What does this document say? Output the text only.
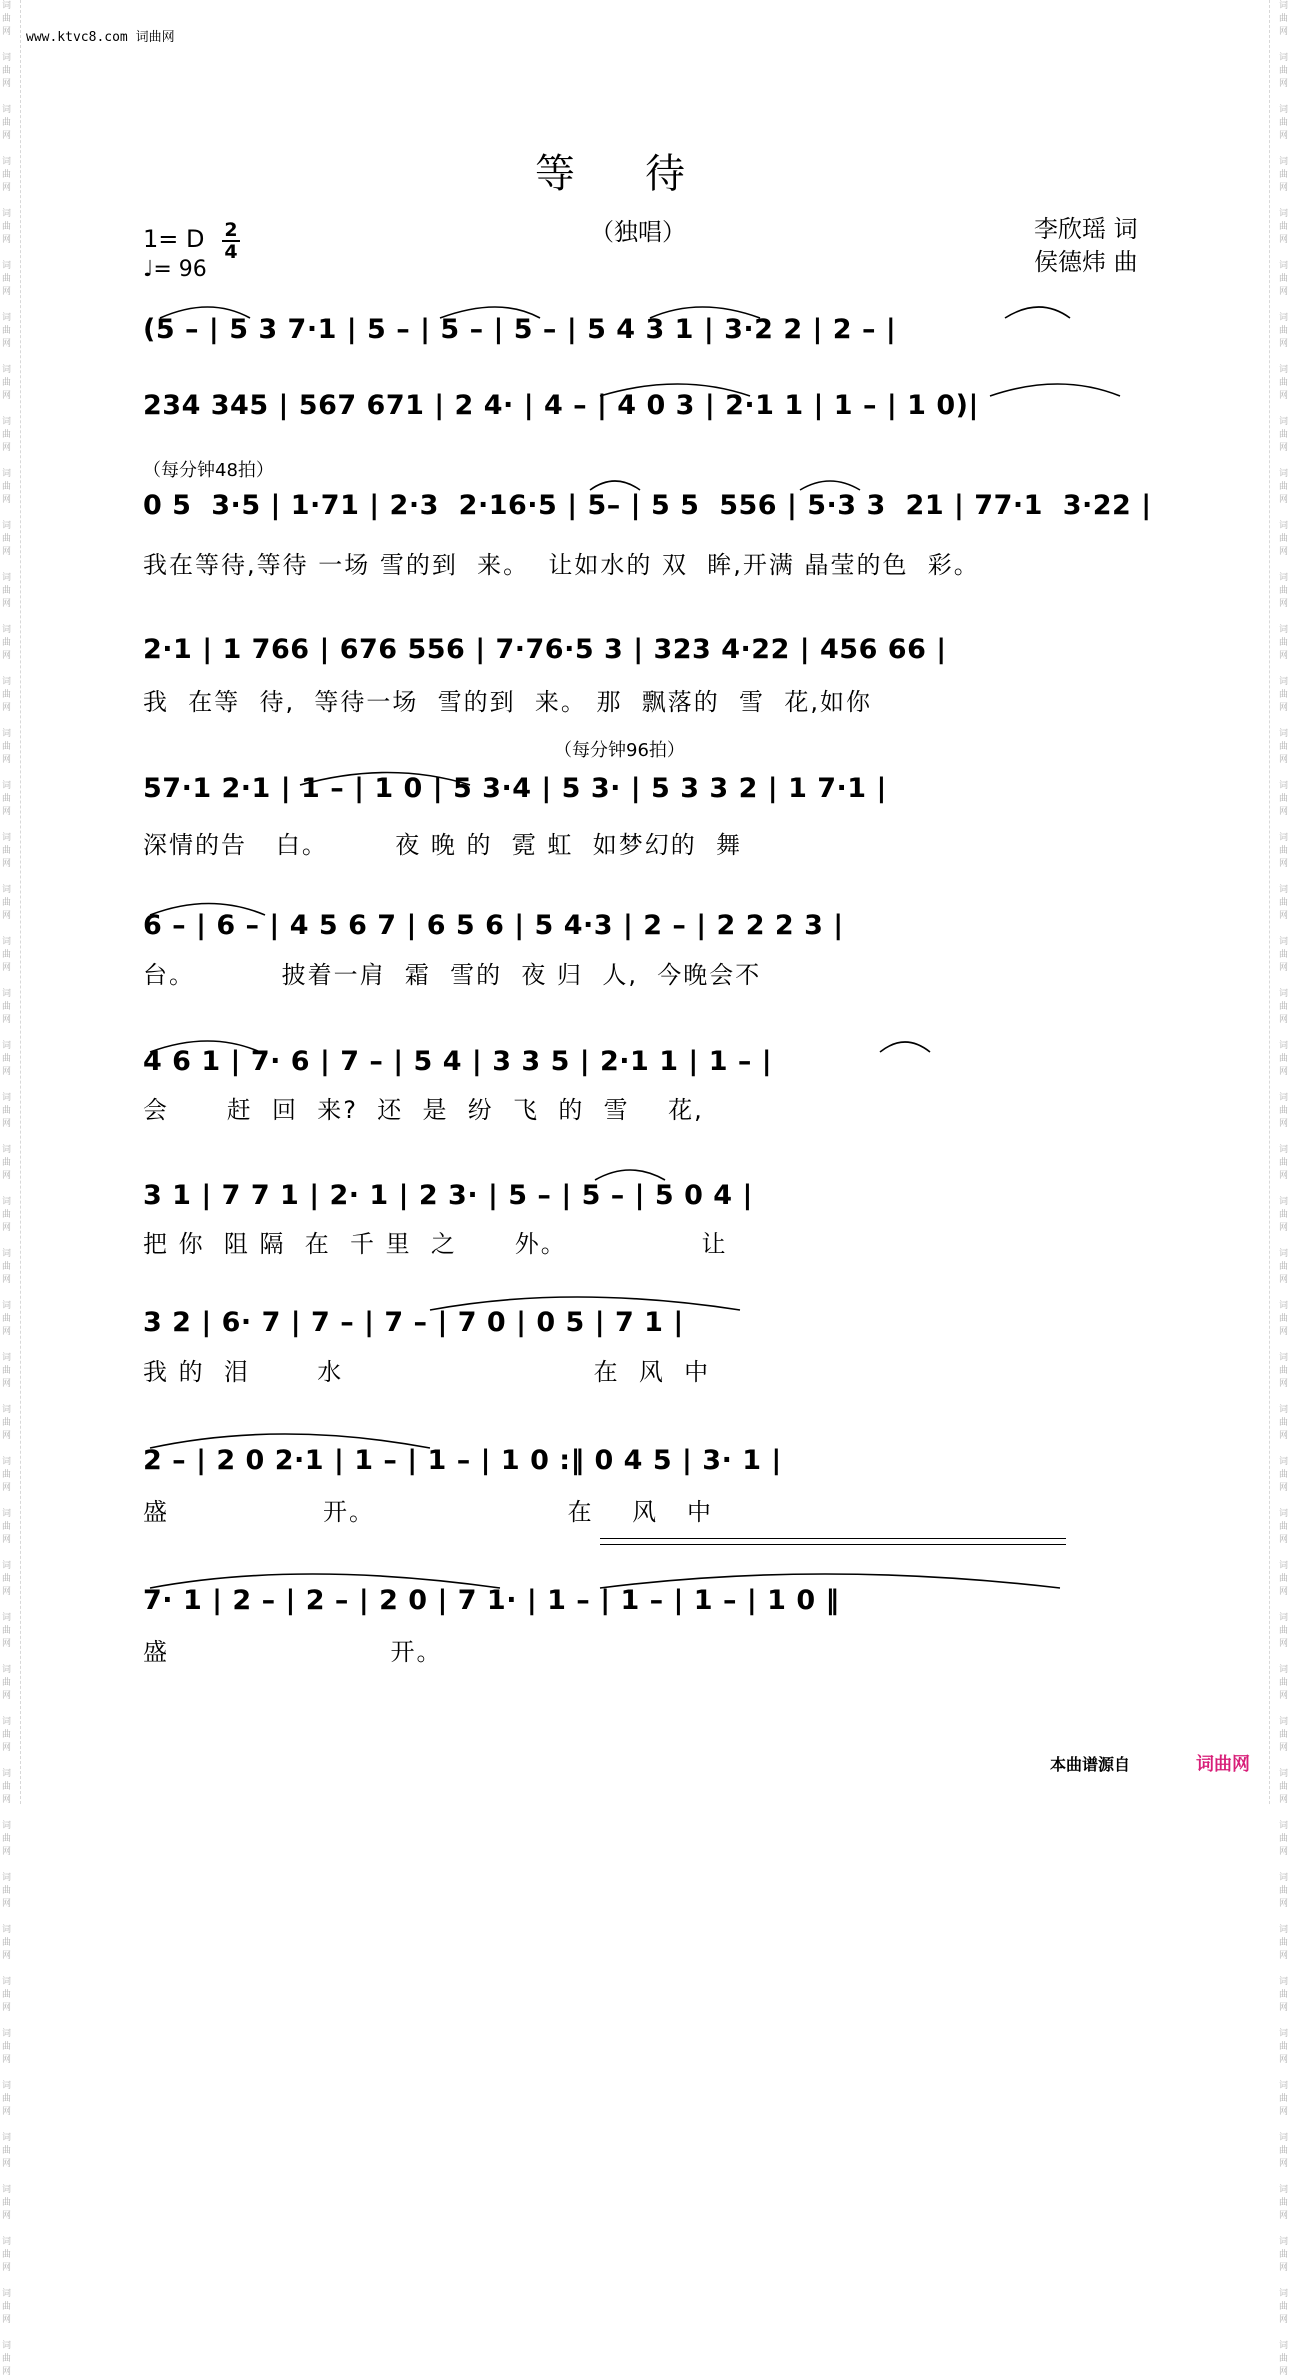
词
曲
网

词
曲
网

词
曲
网

词
曲
网

词
曲
网

词
曲
网

词
曲
网

词
曲
网

词
曲
网

词
曲
网

词
曲
网

词
曲
网

词
曲
网

词
曲
网

词
曲
网

词
曲
网

词
曲
网

词
曲
网

词
曲
网

词
曲
网

词
曲
网

词
曲
网

词
曲
网

词
曲
网

词
曲
网

词
曲
网

词
曲
网

词
曲
网

词
曲
网

词
曲
网

词
曲
网

词
曲
网

词
曲
网

词
曲
网

词
曲
网

词
曲
网

词
曲
网

词
曲
网

词
曲
网

词
曲
网

词
曲
网

词
曲
网

词
曲
网

词
曲
网

词
曲
网

词
曲
网

词
曲
网

词
曲
网

词
曲
网

词
曲
网

词
曲
网

词
曲
网

词
曲
网

词
曲
网

词
曲
网

词
曲
网

词
曲
网

词
曲
网

词
曲
网

词
曲
网

词
曲
网

词
曲
网

词
曲
网

词
曲
网

词
曲
网

词
曲
网

词
曲
网

词
曲
网

词
曲
网

词
曲
网

词
曲
网

词
曲
网

词
曲
网

词
曲
网

词
曲
网

词
曲
网

词
曲
网

词
曲
网

词
曲
网

词
曲
网

词
曲
网

词
曲
网

词
曲
网

词
曲
网

词
曲
网

词
曲
网

词
曲
网

词
曲
网

词
曲
网

词
曲
网

词
曲
网

词
曲
网

www.ktvc8.com 词曲网
等待
（独唱）
1= D 2
4
♩= 96
李欣瑶 词
侯德炜 曲
（每分钟48拍）
（每分钟96拍）
(5 – | 5 3 7·1 | 5 – | 5 – | 5 – | 5 4 3 1 | 3·2 2 | 2 – |
234 345 | 567 671 | 2 4· | 4 – | 4 0 3 | 2·1 1 | 1 – | 1 0)|
0 5  3·5 | 1·71 | 2·3  2·16·5 | 5– | 5 5  556 | 5·3 3  21 | 77·1  3·22 |
我在等待,等待 一场 雪的到  来。  让如水的 双  眸,开满 晶莹的色  彩。
2·1 | 1 766 | 676 556 | 7·76·5 3 | 323 4·22 | 456 66 |
我  在等  待,  等待一场  雪的到  来。 那  飘落的  雪  花,如你
57·1 2·1 | 1 – | 1 0 | 5 3·4 | 5 3· | 5 3 3 2 | 1 7·1 |
深情的告   白。       夜 晚 的  霓 虹  如梦幻的  舞
6 – | 6 – | 4 5 6 7 | 6 5 6 | 5 4·3 | 2 – | 2 2 2 3 |
台。         披着一肩  霜  雪的  夜 归  人,  今晚会不
4 6 1 | 7· 6 | 7 – | 5 4 | 3 3 5 | 2·1 1 | 1 – |
会      赶  回  来?  还  是  纷  飞  的  雪    花,
3 1 | 7 7 1 | 2· 1 | 2 3· | 5 – | 5 – | 5 0 4 |
把 你  阻 隔  在  千 里  之      外。              让
3 2 | 6· 7 | 7 – | 7 – | 7 0 | 0 5 | 7 1 |
我 的  泪       水                          在  风  中
2 – | 2 0 2·1 | 1 – | 1 – | 1 0 :‖ 0 4 5 | 3· 1 |
盛                开。                    在    风   中
7· 1 | 2 – | 2 – | 2 0 | 7 1· | 1 – | 1 – | 1 – | 1 0 ‖
盛                       开。
本曲谱源自	词曲网
